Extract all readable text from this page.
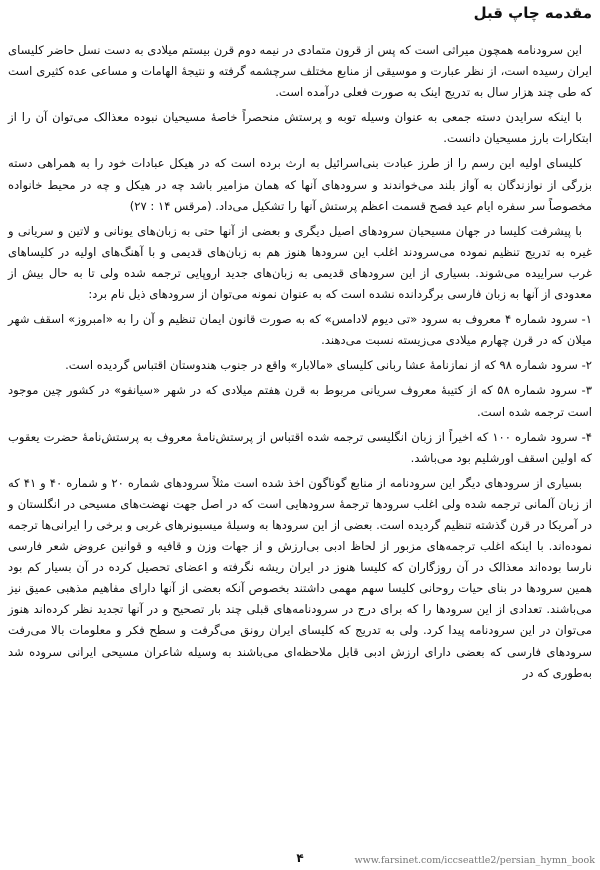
مقدمه چاپ قبل

این سرودنامه همچون میراثی است که پس از قرون متمادی در نیمه دوم قرن بیستم میلادی به دست نسل حاضر کلیسای ایران رسیده است، از نظر عبارت و موسیقی از منابع مختلف سرچشمه گرفته و نتیجهٔ الهامات و مساعی عده کثیری است که طی چند هزار سال به تدریج اینک به صورت فعلی درآمده است.

با اینکه سرایدن دسته جمعی به عنوان وسیله توبه و پرستش منحصراً خاصهٔ مسیحیان نبوده معذالک می‌توان آن را از ابتکارات بارز مسیحیان دانست.

کلیسای اولیه این رسم را از طرز عبادت بنی‌اسرائیل به ارث برده است که در هیکل عبادات خود را به همراهی دسته بزرگی از نوازندگان به آواز بلند می‌خواندند و سرودهای آنها که همان مزامیر باشد چه در هیکل و چه در محیط خانواده مخصوصاً سر سفره ایام عید فصح قسمت اعظم پرستش آنها را تشکیل می‌داد. (مرقس ۱۴ : ۲۷)

با پیشرفت کلیسا در جهان مسیحیان سرودهای اصیل دیگری و بعضی از آنها حتی به زبان‌های یونانی و لاتین و سریانی و غیره به تدریج تنظیم نموده می‌سرودند اغلب این سرودها هنوز هم به زبان‌های قدیمی و با آهنگ‌های اولیه در کلیساهای غرب سراییده می‌شوند. بسیاری از این سرودهای قدیمی به زبان‌های جدید اروپایی ترجمه شده ولی تا به حال بیش از معدودی از آنها به زبان فارسی برگردانده نشده است که به عنوان نمونه می‌توان از سرودهای ذیل نام برد:

۱- سرود شماره ۴ معروف به سرود «تی دیوم لادامس» که به صورت قانون ایمان تنظیم و آن را به «امبروز» اسقف شهر میلان که در قرن چهارم میلادی می‌زیسته نسبت می‌دهند.

۲- سرود شماره ۹۸ که از نمازنامهٔ عشا ربانی کلیسای «مالابار» واقع در جنوب هندوستان اقتباس گردیده است.

۳- سرود شماره ۵۸ که از کتیبهٔ معروف سریانی مربوط به قرن هفتم میلادی که در شهر «سیانفو» در کشور چین موجود است ترجمه شده است.

۴- سرود شماره ۱۰۰ که اخیراً از زبان انگلیسی ترجمه شده اقتباس از پرستش‌نامهٔ معروف به پرستش‌نامهٔ حضرت یعقوب که اولین اسقف اورشلیم بود می‌باشد.

بسیاری از سرودهای دیگر این سرودنامه از منابع گوناگون اخذ شده است مثلاً سرودهای شماره ۲۰ و شماره ۴۰ و ۴۱ که از زبان آلمانی ترجمه شده ولی اغلب سرودها ترجمهٔ سرودهایی است که در اصل جهت نهضت‌های مسیحی در انگلستان و در آمریکا در قرن گذشته تنظیم گردیده است. بعضی از این سرودها به وسیلهٔ میسیونرهای غربی و برخی را ایرانی‌ها ترجمه نموده‌اند. با اینکه اغلب ترجمه‌های مزبور از لحاظ ادبی بی‌ارزش و از جهات وزن و قافیه و قوانین عروض شعر فارسی نارسا بوده‌اند معذالک در آن روزگاران که کلیسا هنوز در ایران ریشه نگرفته و اعضای تحصیل کرده در آن بسیار کم بود همین سرودها در بنای حیات روحانی کلیسا سهم مهمی داشتند بخصوص آنکه بعضی از آنها دارای مفاهیم مذهبی عمیق نیز می‌باشند. تعدادی از این سرودها را که برای درج در سرودنامه‌های قبلی چند بار تصحیح و در آنها تجدید نظر کرده‌اند هنوز می‌توان در این سرودنامه پیدا کرد. ولی به تدریج که کلیسای ایران رونق می‌گرفت و سطح فکر و معلومات بالا می‌رفت سرودهای فارسی که بعضی دارای ارزش ادبی قابل ملاحظه‌ای می‌باشند به وسیله شاعران مسیحی ایرانی سروده شد به‌طوری که در

۴	www.farsinet.com/iccseattle2/persian_hymn_book
